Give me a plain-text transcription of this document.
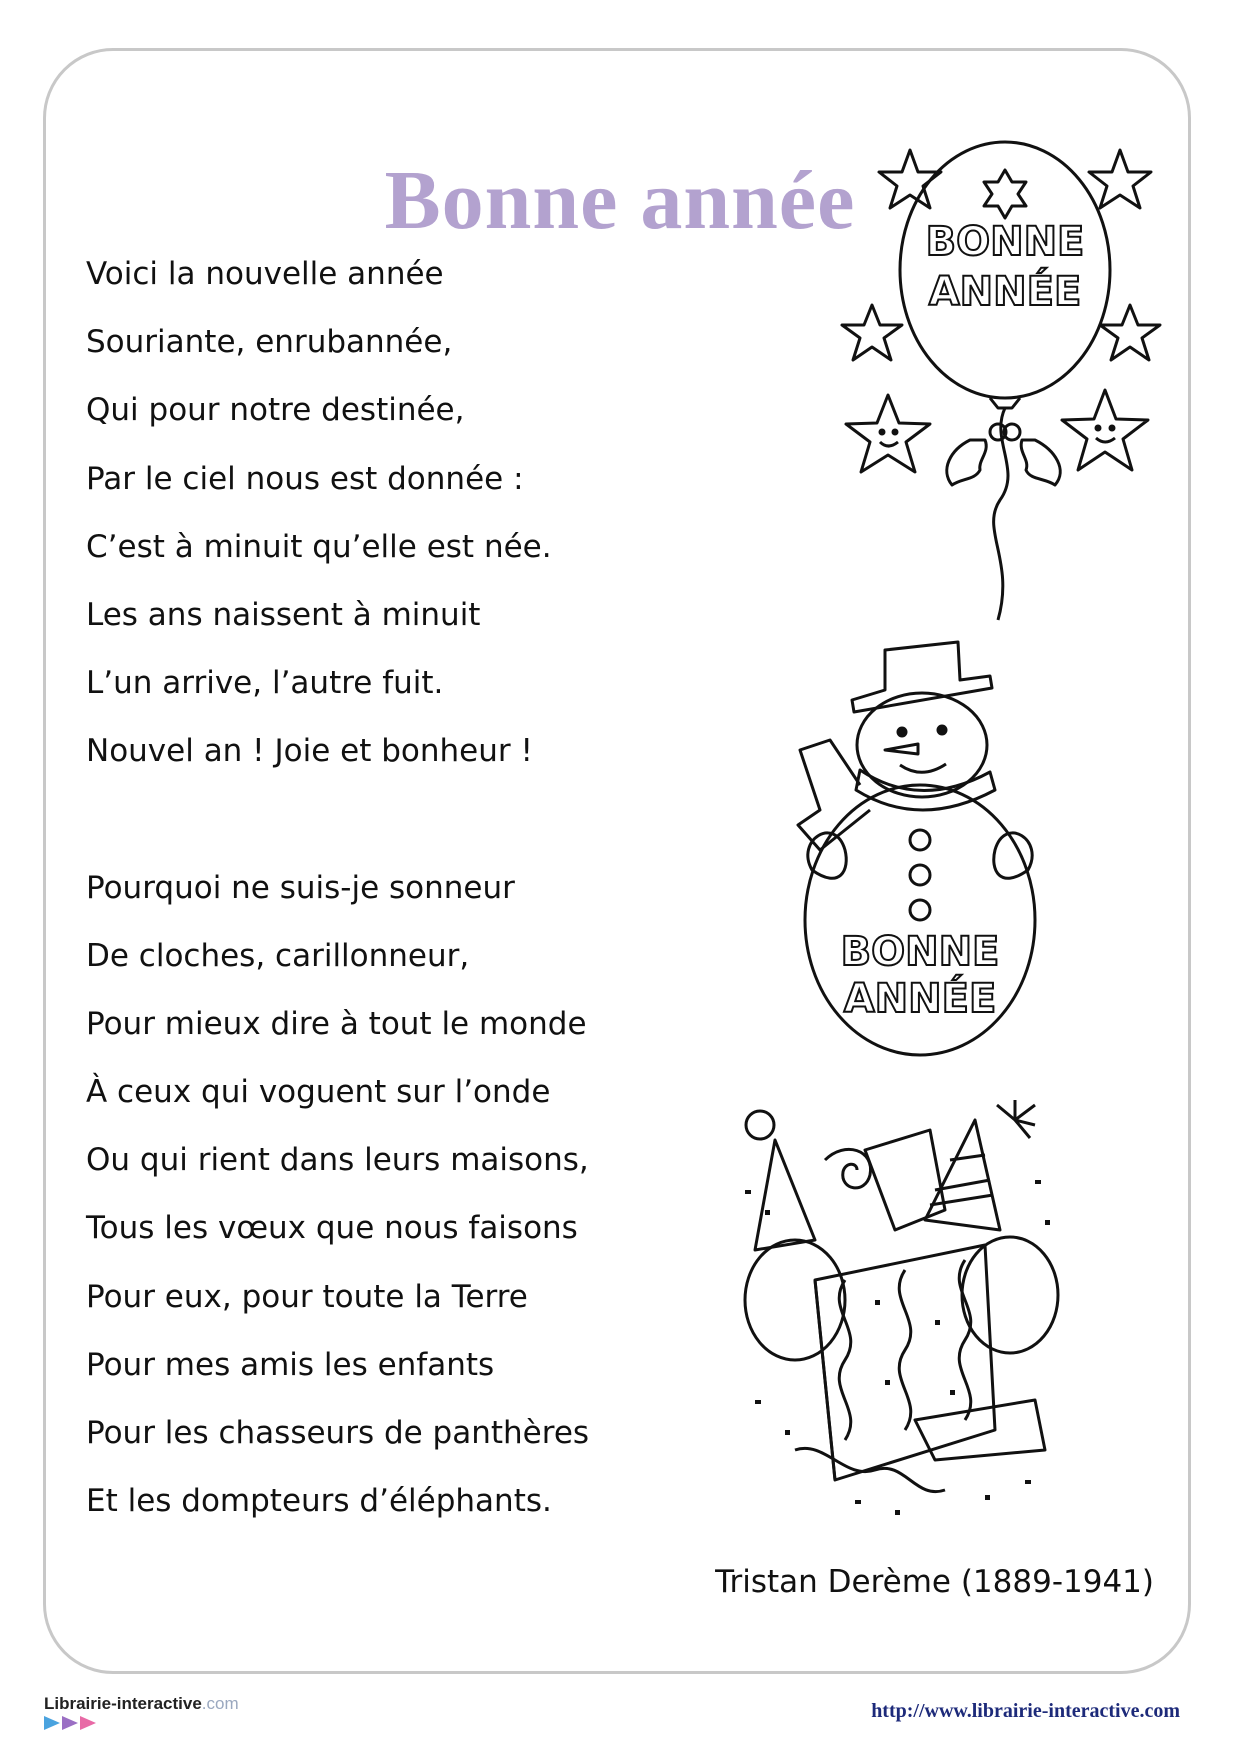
Bonne année
Voici la nouvelle année
Souriante, enrubannée,
Qui pour notre destinée,
Par le ciel nous est donnée :
C’est à minuit qu’elle est née.
Les ans naissent à minuit
L’un arrive, l’autre fuit.
Nouvel an ! Joie et bonheur !
Pourquoi ne suis-je sonneur
De cloches, carillonneur,
Pour mieux dire à tout le monde
À ceux qui voguent sur l’onde
Ou qui rient dans leurs maisons,
Tous les vœux que nous faisons
Pour eux, pour toute la Terre
Pour mes amis les enfants
Pour les chasseurs de panthères
Et les dompteurs d’éléphants.
BONNE
ANNÉE
BONNE
ANNÉE
Tristan Derème (1889-1941)
Librairie-interactive.com	http://www.librairie-interactive.com
